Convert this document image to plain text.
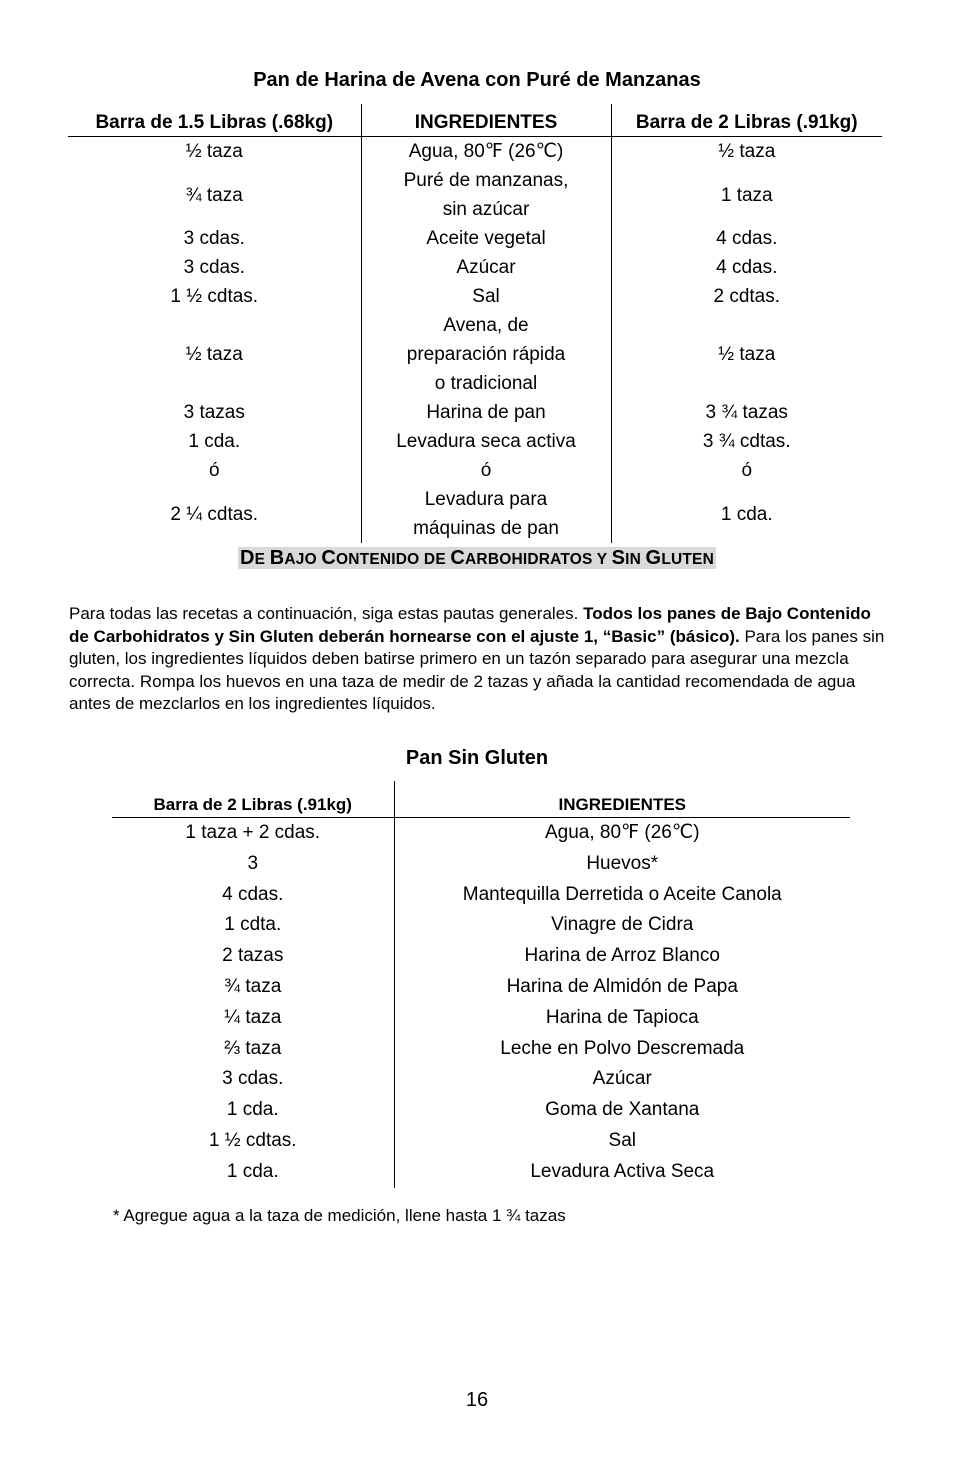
Pan de Harina de Avena con Puré de Manzanas
Barra de 1.5 Libras (.68kg)	INGREDIENTES	Barra de 2 Libras (.91kg)
½ taza	Agua, 80℉ (26℃)	½ taza
¾ taza	Puré de manzanas, sin azúcar	1 taza
3 cdas.	Aceite vegetal	4 cdas.
3 cdas.	Azúcar	4 cdas.
1 ½ cdtas.	Sal	2 cdtas.
½ taza	Avena, de preparación rápida o tradicional	½ taza
3 tazas	Harina de pan	3 ¾ tazas
1 cda.	Levadura seca activa	3 ¾ cdtas.
ó	ó	ó
2 ¼ cdtas.	Levadura para máquinas de pan	1 cda.
DE BAJO CONTENIDO DE CARBOHIDRATOS Y SIN GLUTEN
Para todas las recetas a continuación, siga estas pautas generales. Todos los panes de Bajo Contenido de Carbohidratos y Sin Gluten deberán hornearse con el ajuste 1, “Basic” (básico). Para los panes sin gluten, los ingredientes líquidos deben batirse primero en un tazón separado para asegurar una mezcla correcta. Rompa los huevos en una taza de medir de 2 tazas y añada la cantidad recomendada de agua antes de mezclarlos en los ingredientes líquidos.
Pan Sin Gluten
Barra de 2 Libras (.91kg)	INGREDIENTES
1 taza + 2 cdas.	Agua, 80℉ (26℃)
3	Huevos*
4 cdas.	Mantequilla Derretida o Aceite Canola
1 cdta.	Vinagre de Cidra
2 tazas	Harina de Arroz Blanco
¾ taza	Harina de Almidón de Papa
¼ taza	Harina de Tapioca
⅔ taza	Leche en Polvo Descremada
3 cdas.	Azúcar
1 cda.	Goma de Xantana
1 ½ cdtas.	Sal
1 cda.	Levadura Activa Seca
* Agregue agua a la taza de medición, llene hasta 1 ¾ tazas
16
